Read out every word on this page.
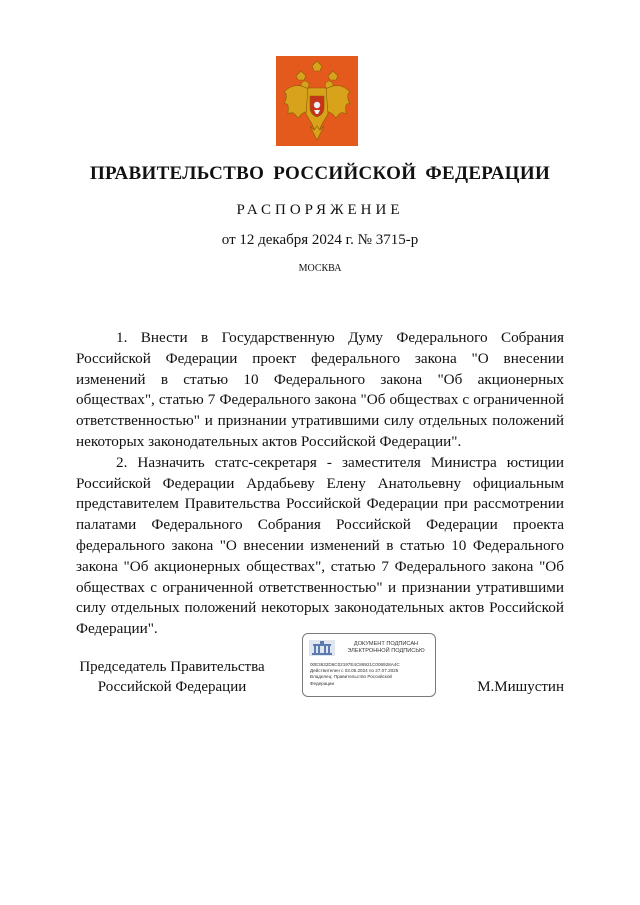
ПРАВИТЕЛЬСТВО РОССИЙСКОЙ ФЕДЕРАЦИИ
РАСПОРЯЖЕНИЕ
от 12 декабря 2024 г. № 3715-р
МОСКВА

1. Внести в Государственную Думу Федерального Собрания Российской Федерации проект федерального закона "О внесении изменений в статью 10 Федерального закона "Об акционерных обществах", статью 7 Федерального закона "Об обществах с ограниченной ответственностью" и признании утратившими силу отдельных положений некоторых законодательных актов Российской Федерации".

2. Назначить статс-секретаря - заместителя Министра юстиции Российской Федерации Ардабьеву Елену Анатольевну официальным представителем Правительства Российской Федерации при рассмотрении палатами Федерального Собрания Российской Федерации проекта федерального закона "О внесении изменений в статью 10 Федерального закона "Об акционерных обществах", статью 7 Федерального закона "Об обществах с ограниченной ответственностью" и признании утратившими силу отдельных положений некоторых законодательных актов Российской Федерации".

Председатель Правительства
Российской Федерации
ДОКУМЕНТ ПОДПИСАН
ЭЛЕКТРОННОЙ ПОДПИСЬЮ
00E3632D6C02197E4C86921C006928A4C
Действителен с 03.05.2024 по 27.07.2025
Владелец: Правительство Российской
Федерации	М.Мишустин
